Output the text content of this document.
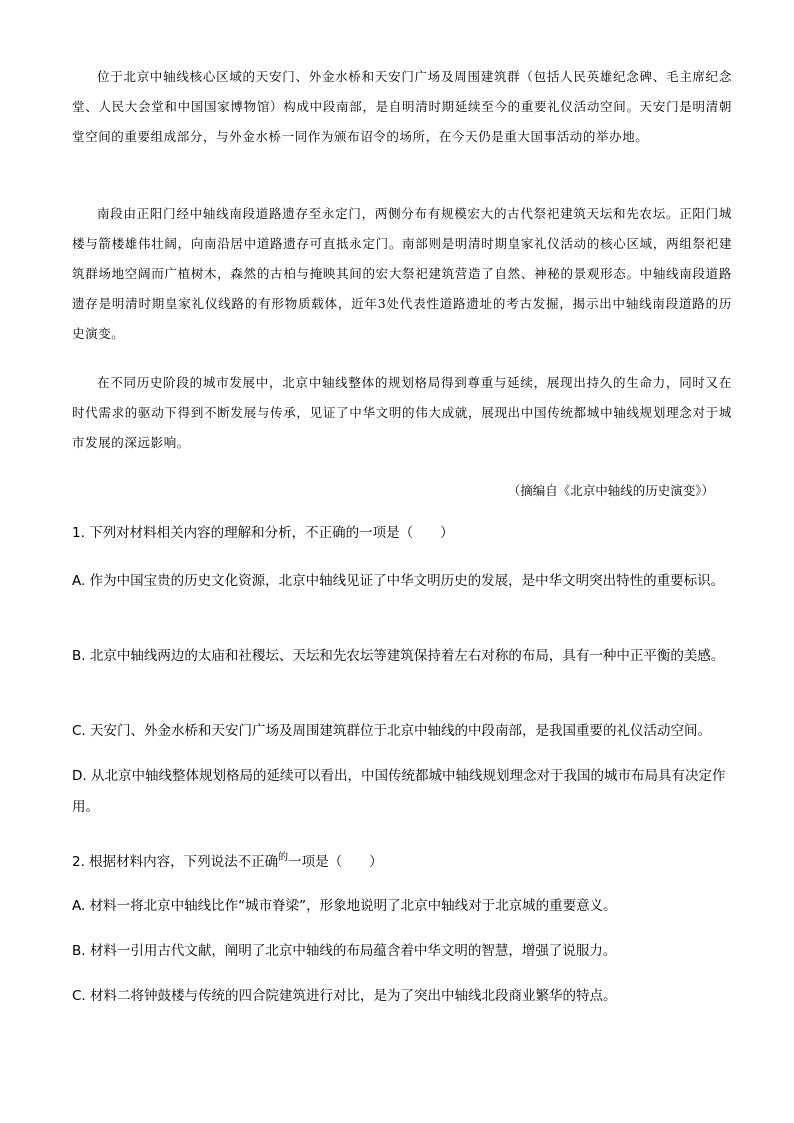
位于北京中轴线核心区域的天安门、外金水桥和天安门广场及周围建筑群（包括人民英雄纪念碑、毛主席纪念堂、人民大会堂和中国国家博物馆）构成中段南部，是自明清时期延续至今的重要礼仪活动空间。天安门是明清朝堂空间的重要组成部分，与外金水桥一同作为颁布诏令的场所，在今天仍是重大国事活动的举办地。

南段由正阳门经中轴线南段道路遗存至永定门，两侧分布有规模宏大的古代祭祀建筑天坛和先农坛。正阳门城楼与箭楼雄伟壮阔，向南沿居中道路遗存可直抵永定门。南部则是明清时期皇家礼仪活动的核心区域，两组祭祀建筑群场地空阔而广植树木，森然的古柏与掩映其间的宏大祭祀建筑营造了自然、神秘的景观形态。中轴线南段道路遗存是明清时期皇家礼仪线路的有形物质载体，近年3处代表性道路遗址的考古发掘，揭示出中轴线南段道路的历史演变。

在不同历史阶段的城市发展中，北京中轴线整体的规划格局得到尊重与延续，展现出持久的生命力，同时又在时代需求的驱动下得到不断发展与传承，见证了中华文明的伟大成就，展现出中国传统都城中轴线规划理念对于城市发展的深远影响。

（摘编自《北京中轴线的历史演变》）
1. 下列对材料相关内容的理解和分析，不正确的一项是（　　）
A. 作为中国宝贵的历史文化资源，北京中轴线见证了中华文明历史的发展，是中华文明突出特性的重要标识。
B. 北京中轴线两边的太庙和社稷坛、天坛和先农坛等建筑保持着左右对称的布局，具有一种中正平衡的美感。
C. 天安门、外金水桥和天安门广场及周围建筑群位于北京中轴线的中段南部，是我国重要的礼仪活动空间。
D. 从北京中轴线整体规划格局的延续可以看出，中国传统都城中轴线规划理念对于我国的城市布局具有决定作用。
2. 根据材料内容，下列说法不正确$^的$一项是（　　）
A. 材料一将北京中轴线比作“城市脊梁”，形象地说明了北京中轴线对于北京城的重要意义。
B. 材料一引用古代文献，阐明了北京中轴线的布局蕴含着中华文明的智慧，增强了说服力。
C. 材料二将钟鼓楼与传统的四合院建筑进行对比，是为了突出中轴线北段商业繁华的特点。
